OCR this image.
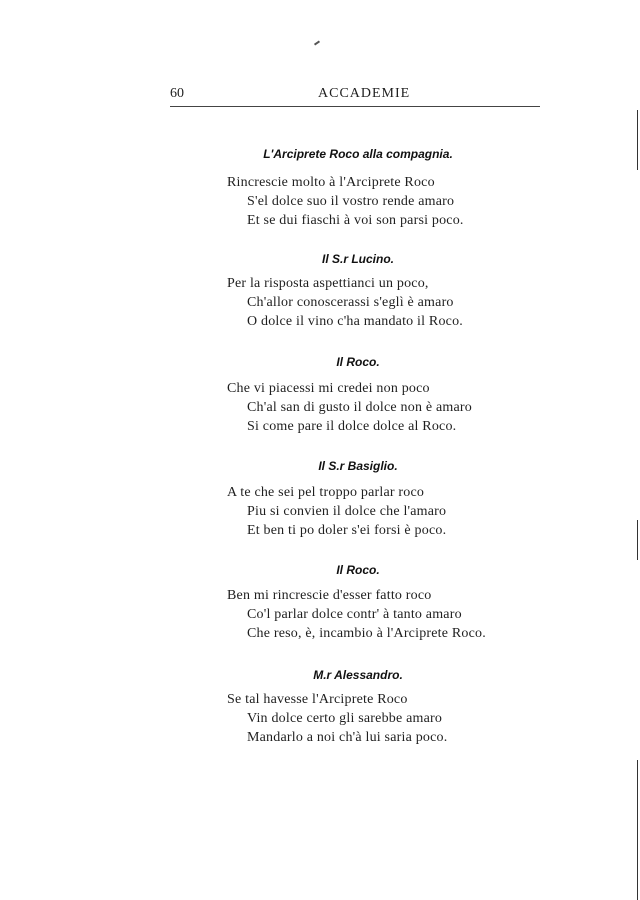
60	ACCADEMIE
L'Arciprete Roco alla compagnia.
Rincrescie molto à l'Arciprete Roco
S'el dolce suo il vostro rende amaro
Et se dui fiaschi à voi son parsi poco.
Il S.r Lucino.
Per la risposta aspettianci un poco,
Ch'allor conoscerassi s'eglì è amaro
O dolce il vino c'ha mandato il Roco.
Il Roco.
Che vi piacessi mi credei non poco
Ch'al san di gusto il dolce non è amaro
Si come pare il dolce dolce al Roco.
Il S.r Basiglio.
A te che sei pel troppo parlar roco
Piu si convien il dolce che l'amaro
Et ben ti po doler s'ei forsi è poco.
Il Roco.
Ben mi rincrescie d'esser fatto roco
Co'l parlar dolce contr' à tanto amaro
Che reso, è, incambio à l'Arciprete Roco.
M.r Alessandro.
Se tal havesse l'Arciprete Roco
Vin dolce certo gli sarebbe amaro
Mandarlo a noi ch'à lui saria poco.
